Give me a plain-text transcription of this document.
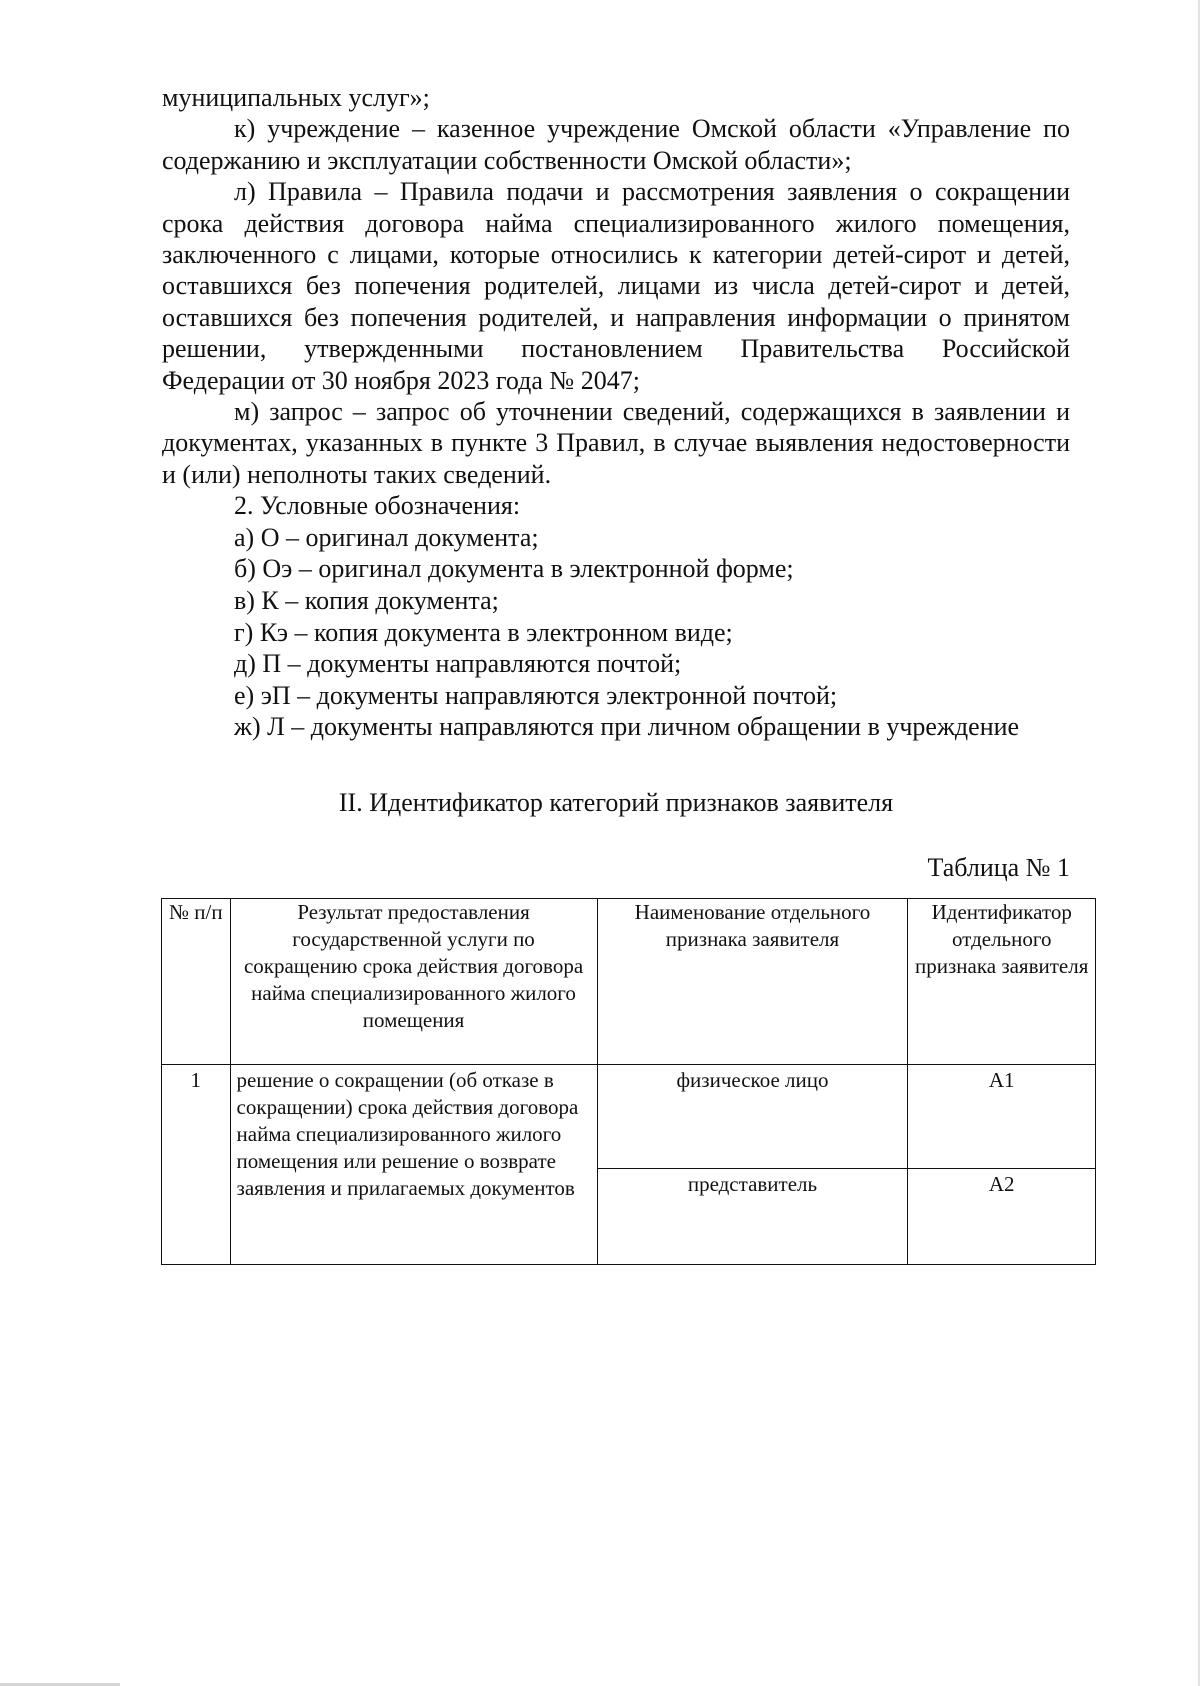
муниципальных услуг»;

к) учреждение – казенное учреждение Омской области «Управление по содержанию и эксплуатации собственности Омской области»;

л) Правила – Правила подачи и рассмотрения заявления о сокращении срока действия договора найма специализированного жилого помещения, заключенного с лицами, которые относились к категории детей-сирот и детей, оставшихся без попечения родителей, лицами из числа детей-сирот и детей, оставшихся без попечения родителей, и направления информации о принятом решении, утвержденными постановлением Правительства Российской Федерации от 30 ноября 2023 года № 2047;

м) запрос – запрос об уточнении сведений, содержащихся в заявлении и документах, указанных в пункте 3 Правил, в случае выявления недостоверности и (или) неполноты таких сведений.

2. Условные обозначения:

а) О – оригинал документа;

б) Оэ – оригинал документа в электронной форме;

в) К – копия документа;

г) Кэ – копия документа в электронном виде;

д) П – документы направляются почтой;

е) эП – документы направляются электронной почтой;

ж) Л – документы направляются при личном обращении в учреждение

II. Идентификатор категорий признаков заявителя

Таблица № 1

№ п/п	Результат предоставления государственной услуги по сокращению срока действия договора найма специализированного жилого помещения	Наименование отдельного признака заявителя	Идентификатор отдельного признака заявителя
1	решение о сокращении (об отказе в сокращении) срока действия договора найма специализированного жилого помещения или решение о возврате заявления и прилагаемых документов	физическое лицо	А1
		представитель	А2
